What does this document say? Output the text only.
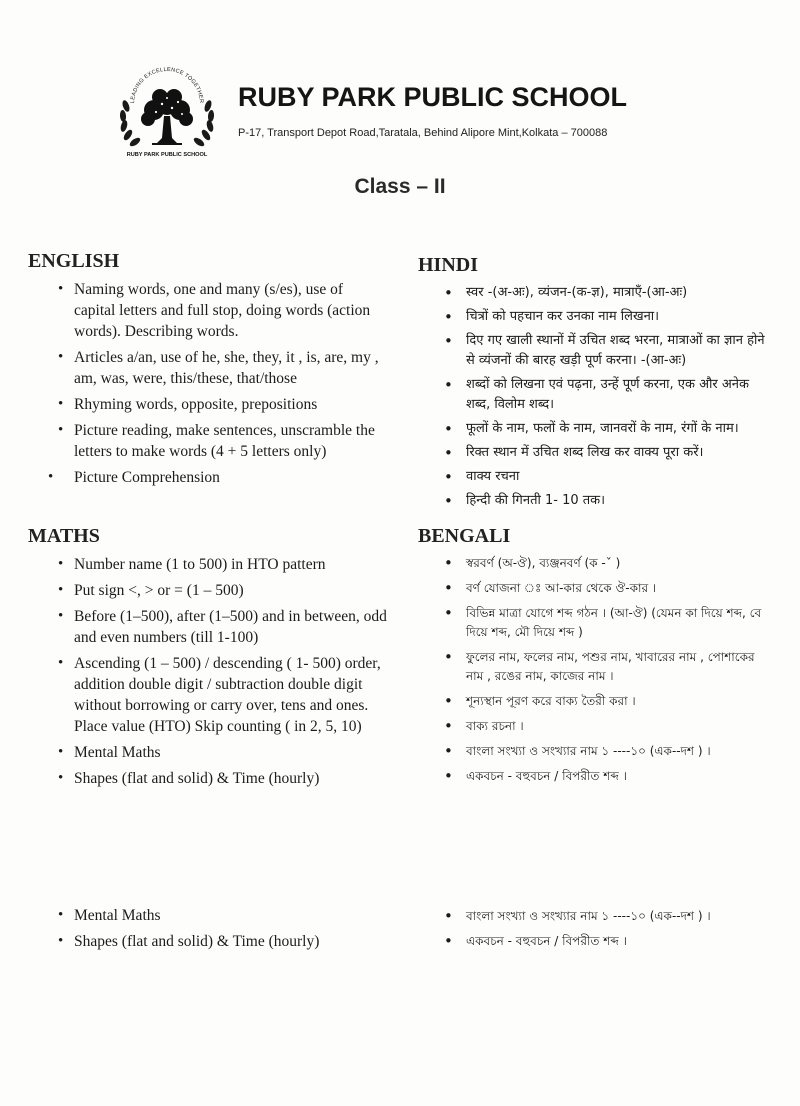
LEADING EXCELLENCE TOGETHER
RUBY PARK PUBLIC SCHOOL
RUBY PARK PUBLIC SCHOOL
P-17, Transport Depot Road,Taratala, Behind Alipore Mint,Kolkata – 700088
Class – II
ENGLISH
• Naming words, one and many (s/es), use of capital letters and full stop, doing words (action words). Describing words.
• Articles a/an, use of he, she, they, it , is, are, my , am, was, were, this/these, that/those
• Rhyming words, opposite, prepositions
• Picture reading, make sentences, unscramble the letters to make words (4 + 5 letters only)
• Picture Comprehension
MATHS
• Number name (1 to 500) in HTO pattern
• Put sign <, > or = (1 – 500)
• Before (1–500), after (1–500) and in between, odd and even numbers (till 1-100)
• Ascending (1 – 500) / descending ( 1- 500) order, addition double digit / subtraction double digit without borrowing or carry over, tens and ones. Place value (HTO) Skip counting ( in 2, 5, 10)
• Mental Maths
• Shapes (flat and solid) & Time (hourly)
HINDI
• स्वर -(अ-अः), व्यंजन-(क-ज्ञ), मात्राएँ-(आ-अः)
• चित्रों को पहचान कर उनका नाम लिखना।
• दिए गए खाली स्थानों में उचित शब्द भरना, मात्राओं का ज्ञान होने से व्यंजनों की बारह खड़ी पूर्ण करना। -(आ-अः)
• शब्दों को लिखना एवं पढ़ना, उन्हें पूर्ण करना, एक और अनेक शब्द, विलोम शब्द।
• फूलों के नाम, फलों के नाम, जानवरों के नाम, रंगों के नाम।
• रिक्त स्थान में उचित शब्द लिख कर वाक्य पूरा करें।
• वाक्य रचना
• हिन्दी की गिनती 1- 10 तक।
BENGALI
• স্বরবর্ণ (অ-ঔ), ব্যঞ্জনবর্ণ (ক -ˇ )
• বর্ণ যোজনা ঃ আ-কার থেকে ঔ-কার ।
• বিভিন্ন মাত্রা যোগে শব্দ গঠন । (আ-ঔ) (যেমন কা দিয়ে শব্দ, বে দিয়ে শব্দ, মৌ দিয়ে শব্দ )
• ফুলের নাম, ফলের নাম, পশুর নাম, খাবারের নাম , পোশাকের নাম , রঙের নাম, কাজের নাম ।
• শূন্যস্থান পূরণ করে বাক্য তৈরী করা ।
• বাক্য রচনা ।
• বাংলা সংখ্যা ও সংখ্যার নাম ১ ----১০ (এক--দশ ) ।
• একবচন - বহুবচন / বিপরীত শব্দ ।
• Mental Maths
• Shapes (flat and solid) & Time (hourly)
• বাংলা সংখ্যা ও সংখ্যার নাম ১ ----১০ (এক--দশ ) ।
• একবচন - বহুবচন / বিপরীত শব্দ ।
